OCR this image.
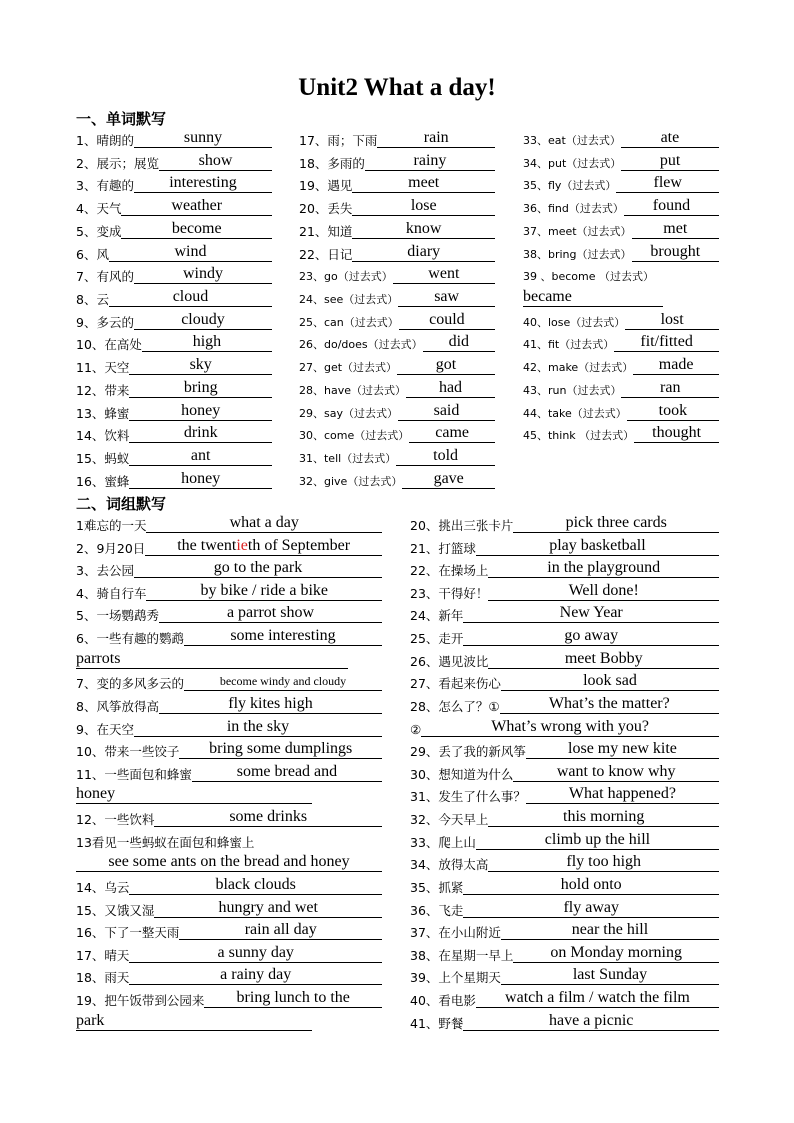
Unit2 What a day!
一、单词默写
1、晴朗的	sunny
2、展示；展览	show
3、有趣的	interesting
4、天气	weather
5、变成	become
6、风	wind
7、有风的	windy
8、云	cloud
9、多云的	cloudy
10、在高处	high
11、天空	sky
12、带来	bring
13、蜂蜜	honey
14、饮料	drink
15、蚂蚁	ant
16、蜜蜂	honey
17、雨；下雨	rain
18、多雨的	rainy
19、遇见	meet
20、丢失	lose
21、知道	know
22、日记	diary
23、go（过去式）	went
24、see（过去式）	saw
25、can（过去式）	could
26、do/does（过去式）	did
27、get（过去式）	got
28、have（过去式）	had
29、say（过去式）	said
30、come（过去式）	came
31、tell（过去式）	told
32、give（过去式）	gave
33、eat（过去式）	ate
34、put（过去式）	put
35、fly（过去式）	flew
36、find（过去式）	found
37、meet（过去式）	met
38、bring（过去式）	brought
39 、become （过去式）
became
40、lose（过去式）	lost
41、fit（过去式）	fit/fitted
42、make（过去式）	made
43、run（过去式）	ran
44、take（过去式）	took
45、think （过去式）	thought
二、词组默写
1难忘的一天	what a day
2、9月20日	the twentieth of September
3、去公园	go to the park
4、骑自行车	by bike / ride a bike
5、一场鹦鹉秀	a parrot show
6、一些有趣的鹦鹉	some interesting
parrots
7、变的多风多云的	become windy and cloudy
8、风筝放得高	fly kites high
9、在天空	in the sky
10、带来一些饺子	bring some dumplings
11、一些面包和蜂蜜	some bread and
honey
12、一些饮料	some drinks
13看见一些蚂蚁在面包和蜂蜜上
see some ants on the bread and honey
14、乌云	black clouds
15、又饿又湿	hungry and wet
16、下了一整天雨	rain all day
17、晴天	a sunny day
18、雨天	a rainy day
19、把午饭带到公园来	bring lunch to the
park
20、挑出三张卡片	pick three cards
21、打篮球	play basketball
22、在操场上	in the playground
23、干得好！	Well done!
24、新年	New Year
25、走开	go away
26、遇见波比	meet Bobby
27、看起来伤心	look sad
28、怎么了？①	What’s the matter?
②	What’s wrong with you?
29、丢了我的新风筝	lose my new kite
30、想知道为什么	want to know why
31、发生了什么事？	What happened?
32、今天早上	this morning
33、爬上山	climb up the hill
34、放得太高	fly too high
35、抓紧	hold onto
36、飞走	fly away
37、在小山附近	near the hill
38、在星期一早上	on Monday morning
39、上个星期天	last Sunday
40、看电影	watch a film / watch the film
41、野餐	have a picnic
